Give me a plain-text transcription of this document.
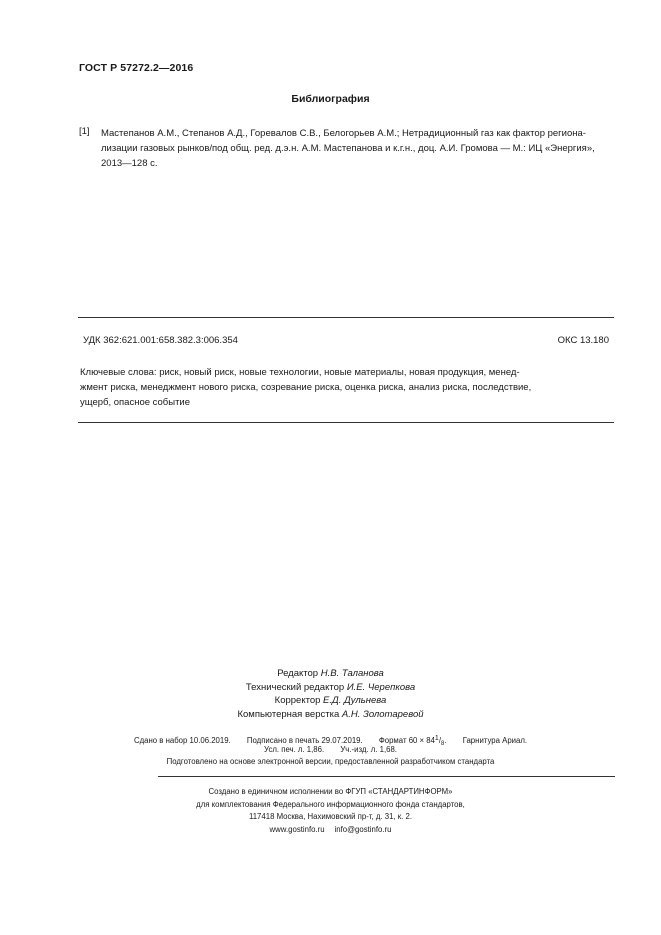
ГОСТ Р 57272.2—2016
Библиография
[1] Мастепанов А.М., Степанов А.Д., Горевалов С.В., Белогорьев А.М.; Нетрадиционный газ как фактор региона-
лизации газовых рынков/под общ. ред. д.э.н. А.М. Мастепанова и к.г.н., доц. А.И. Громова — М.: ИЦ «Энергия»,
2013—128 с.
УДК 362:621.001:658.382.3:006.354	ОКС 13.180
Ключевые слова: риск, новый риск, новые технологии, новые материалы, новая продукция, менед-
жмент риска, менеджмент нового риска, созревание риска, оценка риска, анализ риска, последствие,
ущерб, опасное событие
Редактор Н.В. Таланова
Технический редактор И.Е. Черепкова
Корректор Е.Д. Дульнева
Компьютерная верстка А.Н. Золотаревой
Сдано в набор 10.06.2019. Подписано в печать 29.07.2019. Формат $60 \times 841/_8$. Гарнитура Ариал.
Усл. печ. л. 1,86. Уч.-изд. л. 1,68.
Подготовлено на основе электронной версии, предоставленной разработчиком стандарта
Создано в единичном исполнении во ФГУП «СТАНДАРТИНФОРМ»
для комплектования Федерального информационного фонда стандартов,
117418 Москва, Нахимовский пр-т, д. 31, к. 2.
www.gostinfo.ru info@gostinfo.ru
